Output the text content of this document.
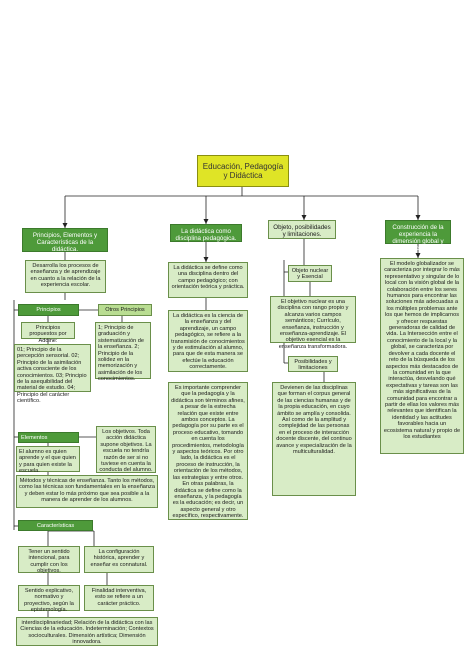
Educación, Pedagogía y Didáctica
Principios, Elementos y Características de la didáctica.
Desarrolla los procesos de enseñanza y de aprendizaje en cuanto a la relación de la experiencia escolar.
Principios	Otros Principios
Principios propuestos por Addine:
01; Principio de la percepción sensorial. 02; Principio de la asimilación activa consciente de los conocimientos. 03; Principio de la asequibilidad del material de estudio. 04; Principio del carácter científico.
1; Principio de graduación y sistematización de la enseñanza. 2; Principio de la solidez en la memorización y asimilación de los conocimientos.
Elementos
El alumno es quien aprende y el que quien y para quien existe la escuela.
Los objetivos. Toda acción didáctica supone objetivos. La escuela no tendría razón de ser si no tuviese en cuenta la conducta del alumno.
Métodos y técnicas de enseñanza. Tanto los métodos, como las técnicas son fundamentales en la enseñanza y deben estar lo más próximo que sea posible a la manera de aprender de los alumnos.
Características
Tener un sentido intencional, para cumplir con los objetivos.
La configuración histórica, aprender y enseñar es connatural.
Sentido explicativo, normativo y proyectivo, según la epistemología.
Finalidad interventiva, esto se refiere a un carácter práctico.
interdisciplinariedad; Relación de la didáctica con las Ciencias de la educación. Indeterminación; Contextos socioculturales. Dimensión artística; Dimensión innovadora.
La didáctica como disciplina pedagógica.
La didáctica se define como una disciplina dentro del campo pedagógico; con orientación teórica y práctica.
La didáctica es la ciencia de la enseñanza y del aprendizaje, un campo pedagógico, se refiere a la transmisión de conocimientos y de estimulación al alumno, para que de esta manera se efectúe la educación correctamente.
Es importante comprender que la pedagogía y la didáctica son términos afines, a pesar de la estrecha relación que existe entre ambos conceptos. La pedagogía por su parte es el proceso educativo, tomando en cuenta los procedimientos, metodología y aspectos teóricos. Por otro lado, la didáctica es el proceso de instrucción, la orientación de los métodos, las estrategias y entre otros. En otras palabras, la didáctica se define como la enseñanza, y la pedagogía es la educación; es decir, un aspecto general y otro específico, respectivamente.
Objeto, posibilidades y limitaciones.
Objeto nuclear y Esencial
El objetivo nuclear es una disciplina con rango propio y alcanza varios campos semánticos; Currículo, enseñanza, instrucción y enseñanza-aprendizaje. El objetivo esencial es la enseñanza transformadora.
Posibilidades y limitaciones
Devienen de las disciplinas que forman el corpus general de las ciencias humanas y de la propia educación, en cuyo ámbito se amplía y consolida. Así como de la amplitud y complejidad de las personas en el proceso de interacción docente discente, del continuo avance y especialización de la multiculturalidad.
Construcción de la experiencia la dimensión global y local.
El modelo globalizador se caracteriza por integrar lo más representativo y singular de lo local con la visión global de la colaboración entre los seres humanos para encontrar las soluciones más adecuadas a los múltiples problemas ante los que hemos de implicarnos y ofrecer respuestas generadoras de calidad de vida. La Intersección entre el conocimiento de la local y la global, se caracteriza por devolver a cada docente el reto de la búsqueda de los aspectos más destacados de la comunidad en la que interactúa, desvelando qué expectativas y tareas son las más significativas de la comunidad para encontrar a partir de ellas los valores más relevantes que identifican la identidad y las actitudes favorables hacia un ecosistema natural y propio de los estudiantes
